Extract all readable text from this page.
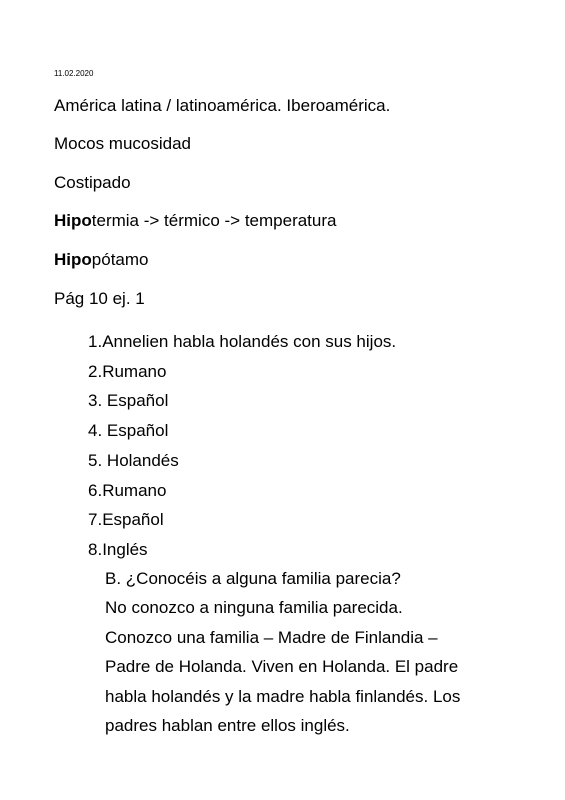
11.02.2020
América latina / latinoamérica. Iberoamérica.
Mocos mucosidad
Costipado
Hipotermia -> térmico -> temperatura
Hipopótamo
Pág 10 ej. 1
1.Annelien habla holandés con sus hijos.
2.Rumano
3. Español
4. Español
5. Holandés
6.Rumano
7.Español
8.Inglés

B. ¿Conocéis a alguna familia parecia?

No conozco a ninguna familia parecida.

Conozco una familia – Madre de Finlandia –

Padre de Holanda. Viven en Holanda. El padre

habla holandés y la madre habla finlandés. Los

padres hablan entre ellos inglés.
